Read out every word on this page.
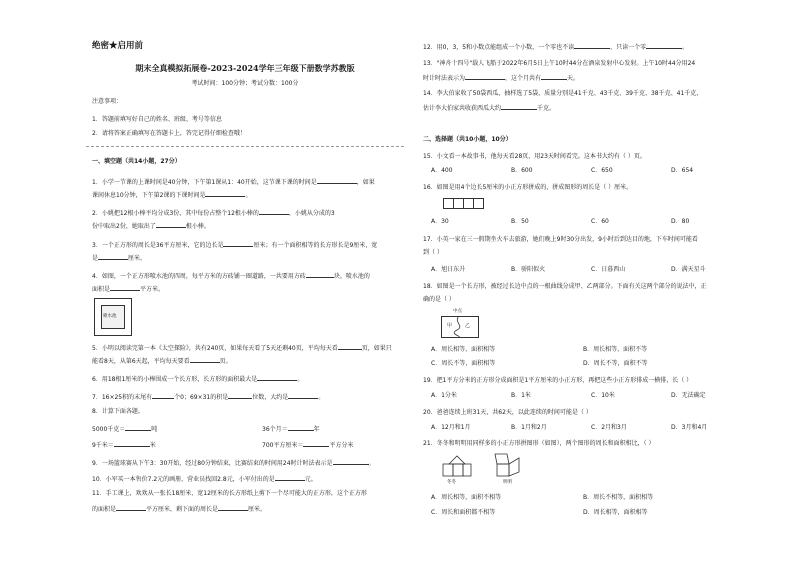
绝密★启用前
期末全真模拟拓展卷-2023-2024学年三年级下册数学苏教版
考试时间：100分钟；考试分数：100分
注意事项：
1．答题前填写好自己的姓名、班级、考号等信息
2．请将答案正确填写在答题卡上，答完记得仔细检查哦！
一、填空题（共14小题，27分）
1．小学一节课的上课时间是40分钟，下午第1课从1：40开始，这节课下课的时间是	，如果
课间休息10分钟，下午第2课的下课时间是	。
2．小姚把12根小棒平均分成3份，其中每份占整个12根小棒的	，小姚从分成的3
份中取出2份，她取出了	根小棒。
3．一个正方形的周长是36平方厘米，它的边长是	厘米；有一个面积相等的长方形长是9厘米，宽
是	厘米。
4．如图，一个正方形喷水池的四周，每平方米的方砖铺一圈道路，一共要用方砖	块。喷水池的
面积是	平方米。
喷水池
5．小明以阅读完第一本《太空探险》，共有240页，如果每天看了5天还剩40页，平均每天看	页，如果只
能看8天，从第6天起，平均每天要看	页。
6．用18根1厘米的小棒围成一个长方形，长方形的面积最大是	。
7．16×25积的末尾有	个0；69×31的积是	位数，大约是	。
8．计算下面各题。
5000千克＝	吨	36个月＝	年
9千米＝	米	700平方厘米＝	平方分米
9．一场篮球赛从下午3：30开始，经过80分钟结束，比赛结束的时间用24时计时法表示是	。
10．小军买一本售价7.2元的画册，营业员找回2.8元，小军付出的是	元。
11．手工课上，欢欢从一张长18厘米、宽12厘米的长方形纸上剪下一个尽可能大的正方形，这个正方形
的面积是	平方厘米，剩下面的周长是	厘米。
12．用0，3，5和小数点能组成一个小数，一个零也不读	，只读一个零	。
13．"神舟十四号"载人飞船于2022年6月5日上午10时44分在酒泉发射中心发射。上午10时44分用24
时计时法表示为	，这个月共有	天。
14．李大伯家收了50袋西瓜，抽样选了5袋，质量分别是41千克、43千克、39千克、38千克、41千克，
估计李大伯家共收获西瓜大约	千克。
二、选择题（共10小题，10分）
15．小文看一本故事书，他每天看28页，用23天时间看完。这本书大约有（ ）页。
A．400	B．600	C．650	D．654
16．如图是用4个边长5厘米的小正方形拼成的，拼成图形的周长是（ ）厘米。
A．30	B．50	C．60	D．80
17．小英一家在三一假期坐火车去旅游，她们晚上9时30分出发，9小时后到达目的地，下车时间可能看
到（ ）
A．旭日东升	B．骄阳似火	C．日暮西山	D．满天星斗
18．如图是一个长方形，被经过长边中点的一根曲线分成甲、乙两部分。下面有关这两个部分的说法中，正
确的是（ ）
中点
甲	乙
A．周长相等，面积相等	B．周长相等，面积不等
C．周长不等，面积相等	D．周长不等，面积不等
19．把1平方分米的正方形分成面积是1平方厘米的小正方形，再把这些小正方形排成一横排，长（ ）
A．1分米	B．1米	C．10米	D．无法确定
20．爸爸连续上班31天，共62天，以此连续的时间可能是（ ）
A．12月和1月	B．1月和2月	C．2月和3月	D．3月和4月
21．冬冬和明明用同样多的小正方形拼图形（如图），两个图形的周长和面积相比，（ ）
冬冬	明明
A．周长相等，面积不相等	B．周长不相等，面积相等
C．周长和面积都不相等	D．周长相等，面积相等
